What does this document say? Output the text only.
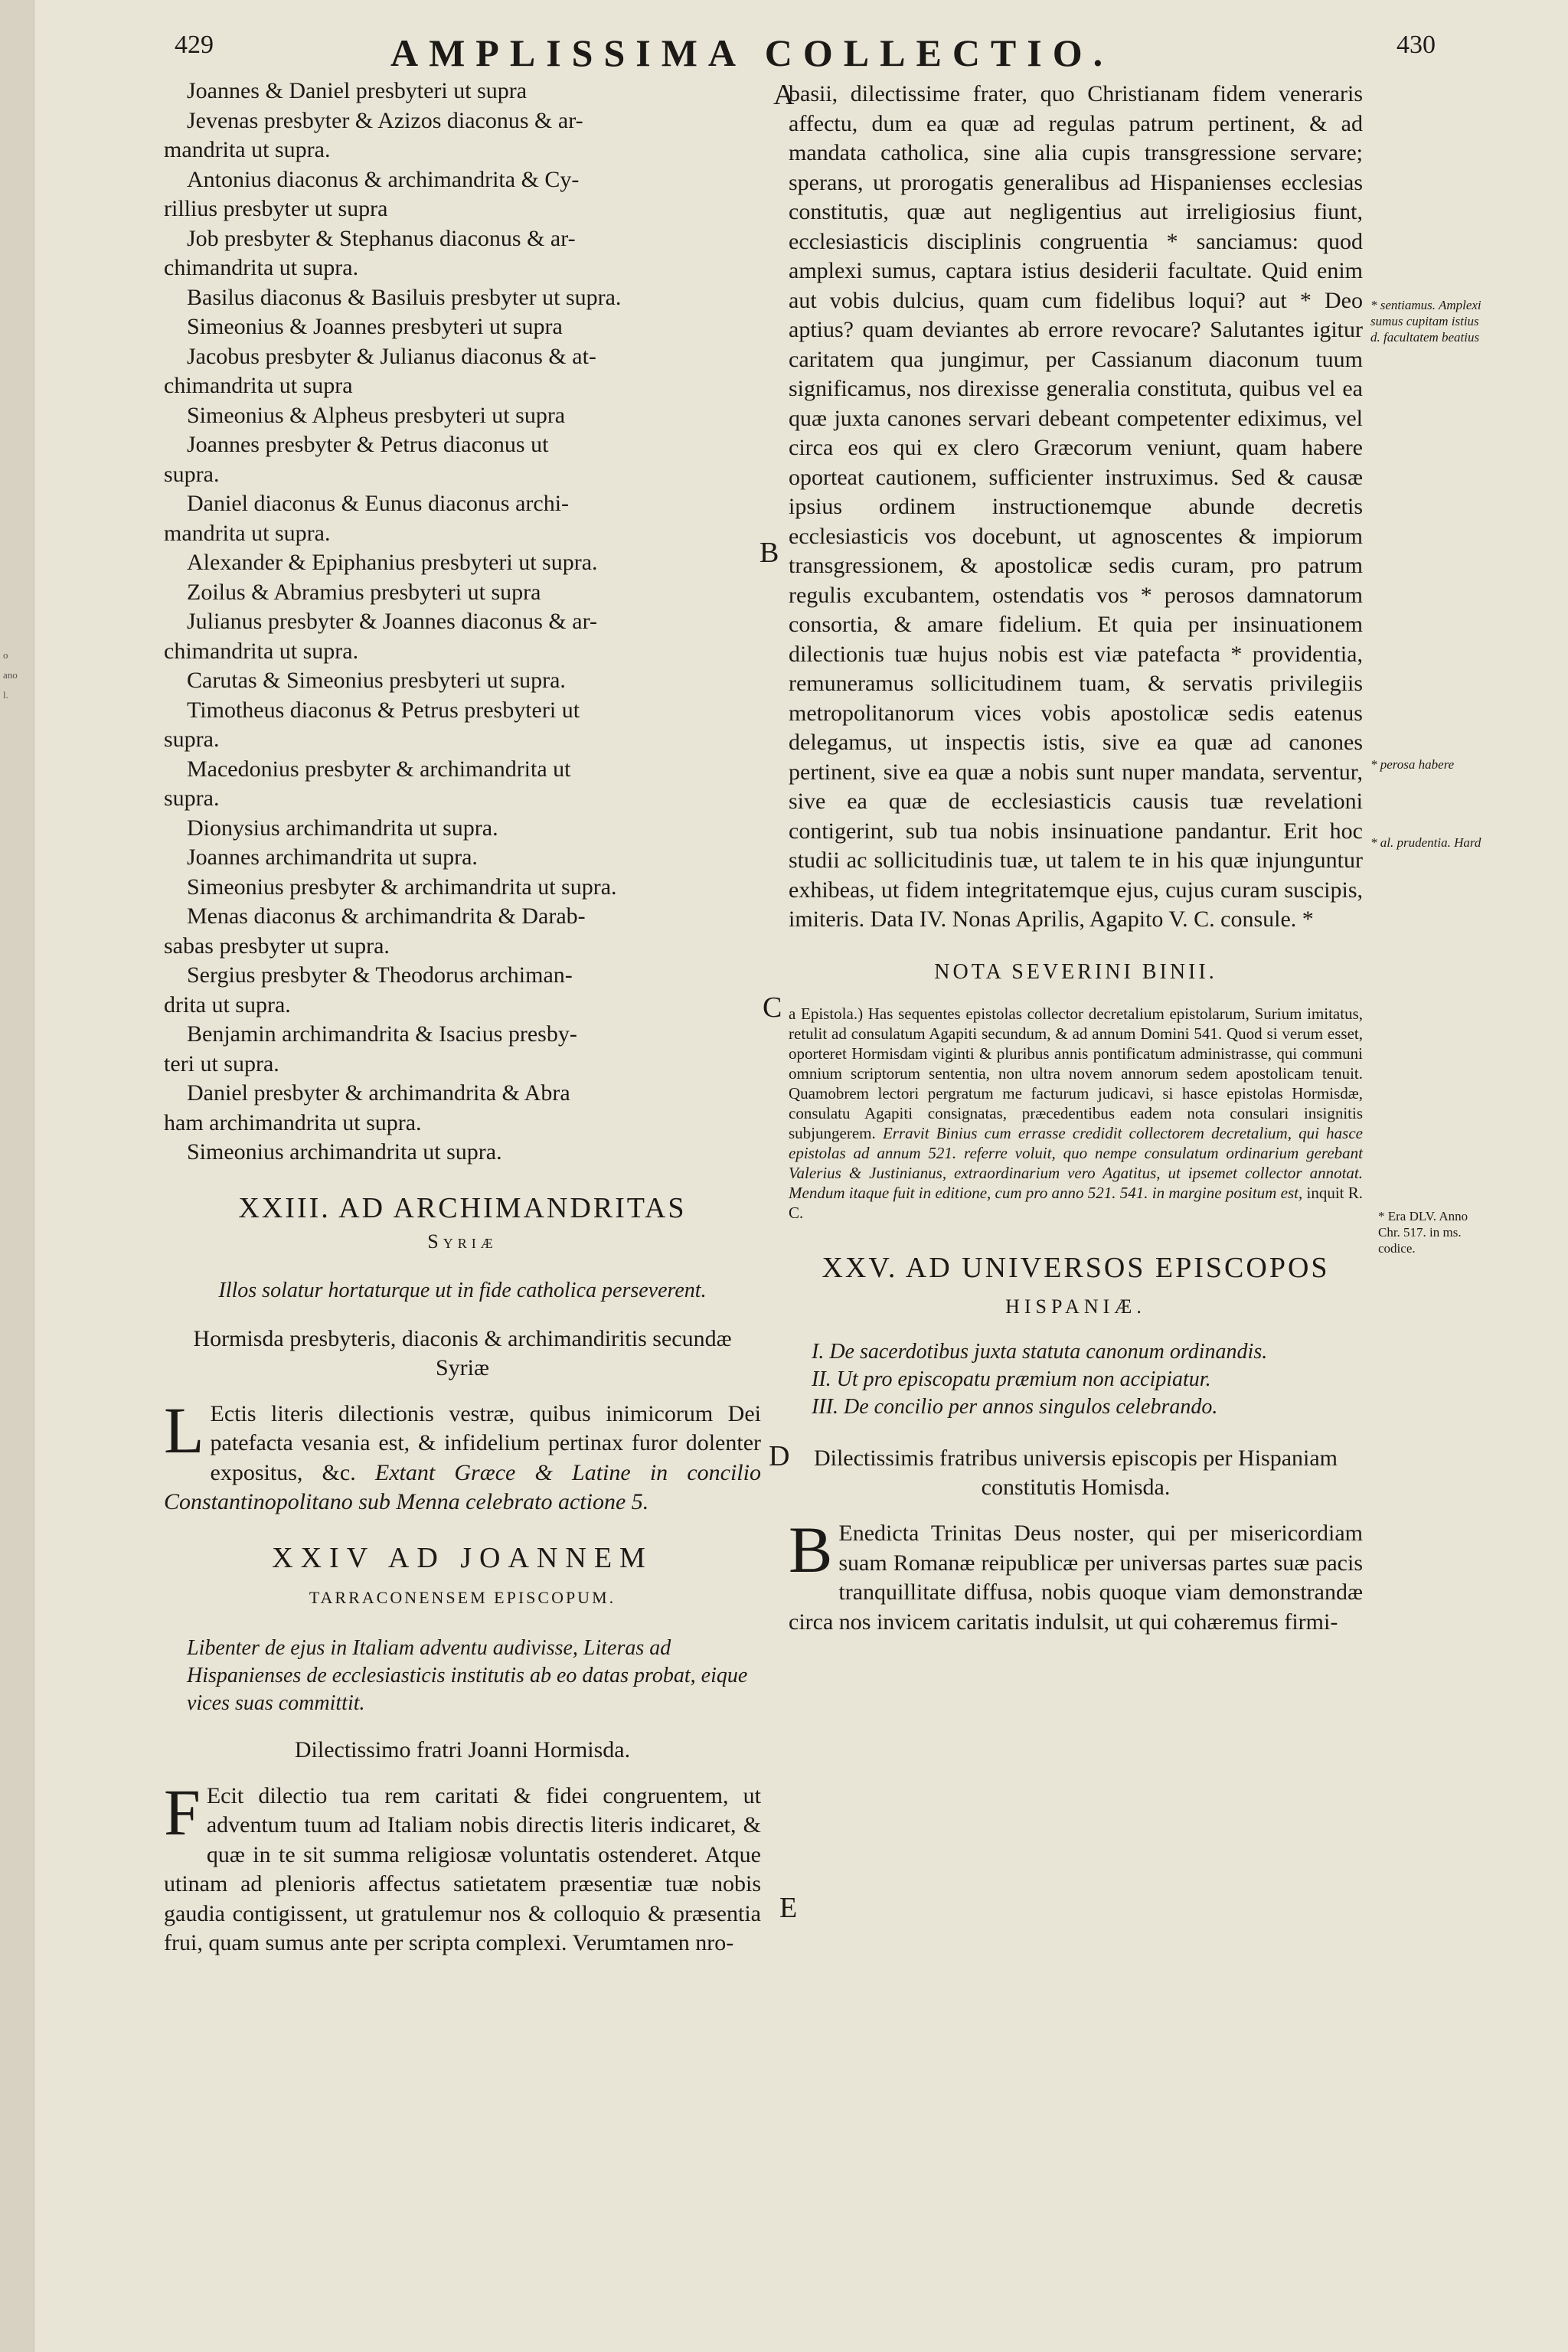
o
ano
l.
429	AMPLISSIMA COLLECTIO.	430
A
B
C
D
E
Joannes & Daniel presbyteri ut supra
Jevenas presbyter & Azizos diaconus & ar-
mandrita ut supra.
Antonius diaconus & archimandrita & Cy-
rillius presbyter ut supra
Job presbyter & Stephanus diaconus & ar-
chimandrita ut supra.
Basilus diaconus & Basiluis presbyter ut supra.
Simeonius & Joannes presbyteri ut supra
Jacobus presbyter & Julianus diaconus & at-
chimandrita ut supra
Simeonius & Alpheus presbyteri ut supra
Joannes presbyter & Petrus diaconus ut
supra.
Daniel diaconus & Eunus diaconus archi-
mandrita ut supra.
Alexander & Epiphanius presbyteri ut supra.
Zoilus & Abramius presbyteri ut supra
Julianus presbyter & Joannes diaconus & ar-
chimandrita ut supra.
Carutas & Simeonius presbyteri ut supra.
Timotheus diaconus & Petrus presbyteri ut
supra.
Macedonius presbyter & archimandrita ut
supra.
Dionysius archimandrita ut supra.
Joannes archimandrita ut supra.
Simeonius presbyter & archimandrita ut supra.
Menas diaconus & archimandrita & Darab-
sabas presbyter ut supra.
Sergius presbyter & Theodorus archiman-
drita ut supra.
Benjamin archimandrita & Isacius presby-
teri ut supra.
Daniel presbyter & archimandrita & Abra
ham archimandrita ut supra.
Simeonius archimandrita ut supra.
XXIII. AD ARCHIMANDRITAS
Syriæ
Illos solatur hortaturque ut in fide catholica perseverent.
Hormisda presbyteris, diaconis & archimandiritis secundæ Syriæ
L Ectis literis dilectionis vestræ, quibus inimicorum Dei patefacta vesania est, & infidelium pertinax furor dolenter expositus, &c. Extant Græce & Latine in concilio Constantinopolitano sub Menna celebrato actione 5.
XXIV AD JOANNEM
TARRACONENSEM EPISCOPUM.
Libenter de ejus in Italiam adventu audivisse, Literas ad Hispanienses de ecclesiasticis institutis ab eo datas probat, eique vices suas committit.
Dilectissimo fratri Joanni Hormisda.
F Ecit dilectio tua rem caritati & fidei congruentem, ut adventum tuum ad Italiam nobis directis literis indicaret, & quæ in te sit summa religiosæ voluntatis ostenderet. Atque utinam ad plenioris affectus satietatem præsentiæ tuæ nobis gaudia contigissent, ut gratulemur nos & colloquio & præsentia frui, quam sumus ante per scripta complexi. Verumtamen nro-
basii, dilectissime frater, quo Christianam fidem veneraris affectu, dum ea quæ ad regulas patrum pertinent, & ad mandata catholica, sine alia cupis transgressione servare; sperans, ut prorogatis generalibus ad Hispanienses ecclesias constitutis, quæ aut negligentius aut irreligiosius fiunt, ecclesiasticis disciplinis congruentia * sanciamus: quod amplexi sumus, captara istius desiderii facultate. Quid enim aut vobis dulcius, quam cum fidelibus loqui? aut * Deo aptius? quam deviantes ab errore revocare? Salutantes igitur caritatem qua jungimur, per Cassianum diaconum tuum significamus, nos direxisse generalia constituta, quibus vel ea quæ juxta canones servari debeant competenter ediximus, vel circa eos qui ex clero Græcorum veniunt, quam habere oporteat cautionem, sufficienter instruximus. Sed & causæ ipsius ordinem instructionemque abunde decretis ecclesiasticis vos docebunt, ut agnoscentes & impiorum transgressionem, & apostolicæ sedis curam, pro patrum regulis excubantem, ostendatis vos * perosos damnatorum consortia, & amare fidelium. Et quia per insinuationem dilectionis tuæ hujus nobis est viæ patefacta * providentia, remuneramus sollicitudinem tuam, & servatis privilegiis metropolitanorum vices vobis apostolicæ sedis eatenus delegamus, ut inspectis istis, sive ea quæ ad canones pertinent, sive ea quæ a nobis sunt nuper mandata, serventur, sive ea quæ de ecclesiasticis causis tuæ revelationi contigerint, sub tua nobis insinuatione pandantur. Erit hoc studii ac sollicitudinis tuæ, ut talem te in his quæ injunguntur exhibeas, ut fidem integritatemque ejus, cujus curam suscipis, imiteris. Data IV. Nonas Aprilis, Agapito V. C. consule. *
NOTA SEVERINI BINII.
a Epistola.) Has sequentes epistolas collector decretalium epistolarum, Surium imitatus, retulit ad consulatum Agapiti secundum, & ad annum Domini 541. Quod si verum esset, oporteret Hormisdam viginti & pluribus annis pontificatum administrasse, qui communi omnium scriptorum sententia, non ultra novem annorum sedem apostolicam tenuit. Quamobrem lectori pergratum me facturum judicavi, si hasce epistolas Hormisdæ, consulatu Agapiti consignatas, præcedentibus eadem nota consulari insignitis subjungerem. Erravit Binius cum errasse credidit collectorem decretalium, qui hasce epistolas ad annum 521. referre voluit, quo nempe consulatum ordinarium gerebant Valerius & Justinianus, extraordinarium vero Agatitus, ut ipsemet collector annotat. Mendum itaque fuit in editione, cum pro anno 521. 541. in margine positum est, inquit R. C.
XXV. AD UNIVERSOS EPISCOPOS
HISPANIÆ.
I. De sacerdotibus juxta statuta canonum ordinandis.
II. Ut pro episcopatu præmium non accipiatur.
III. De concilio per annos singulos celebrando.
Dilectissimis fratribus universis episcopis per Hispaniam constitutis Homisda.
B Enedicta Trinitas Deus noster, qui per misericordiam suam Romanæ reipublicæ per universas partes suæ pacis tranquillitate diffusa, nobis quoque viam demonstrandæ circa nos invicem caritatis indulsit, ut qui cohæremus firmi-
* sentiamus. Amplexi sumus cupitam istius d. facultatem beatius
* perosa habere
* al. prudentia. Hard
* Era DLV. Anno Chr. 517. in ms. codice.
